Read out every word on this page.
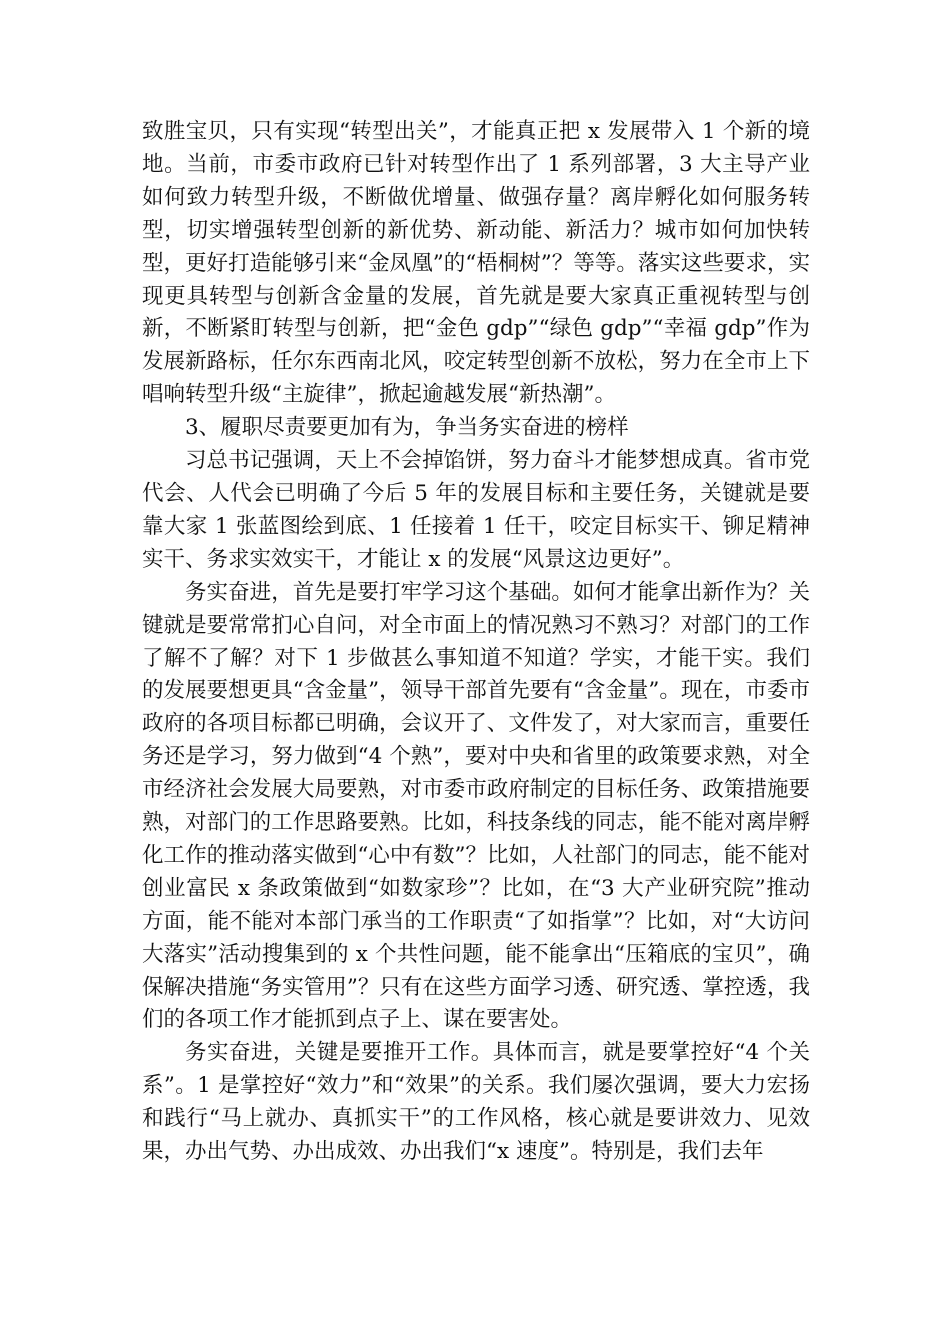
致胜宝贝，只有实现“转型出关”，才能真正把 x 发展带入 1 个新的境地。当前，市委市政府已针对转型作出了 1 系列部署，3 大主导产业如何致力转型升级，不断做优增量、做强存量？离岸孵化如何服务转型，切实增强转型创新的新优势、新动能、新活力？城市如何加快转型，更好打造能够引来“金凤凰”的“梧桐树”？等等。落实这些要求，实现更具转型与创新含金量的发展，首先就是要大家真正重视转型与创新，不断紧盯转型与创新，把“金色 gdp”“绿色 gdp”“幸福 gdp”作为发展新路标，任尔东西南北风，咬定转型创新不放松，努力在全市上下唱响转型升级“主旋律”，掀起逾越发展“新热潮”。

3、履职尽责要更加有为，争当务实奋进的榜样

习总书记强调，天上不会掉馅饼，努力奋斗才能梦想成真。省市党代会、人代会已明确了今后 5 年的发展目标和主要任务，关键就是要靠大家 1 张蓝图绘到底、1 任接着 1 任干，咬定目标实干、铆足精神实干、务求实效实干，才能让 x 的发展“风景这边更好”。

务实奋进，首先是要打牢学习这个基础。如何才能拿出新作为？关键就是要常常扪心自问，对全市面上的情况熟习不熟习？对部门的工作了解不了解？对下 1 步做甚么事知道不知道？学实，才能干实。我们的发展要想更具“含金量”，领导干部首先要有“含金量”。现在，市委市政府的各项目标都已明确，会议开了、文件发了，对大家而言，重要任务还是学习，努力做到“4 个熟”，要对中央和省里的政策要求熟，对全市经济社会发展大局要熟，对市委市政府制定的目标任务、政策措施要熟，对部门的工作思路要熟。比如，科技条线的同志，能不能对离岸孵化工作的推动落实做到“心中有数”？比如，人社部门的同志，能不能对创业富民 x 条政策做到“如数家珍”？比如，在“3 大产业研究院”推动方面，能不能对本部门承当的工作职责“了如指掌”？比如，对“大访问大落实”活动搜集到的 x 个共性问题，能不能拿出“压箱底的宝贝”，确保解决措施“务实管用”？只有在这些方面学习透、研究透、掌控透，我们的各项工作才能抓到点子上、谋在要害处。

务实奋进，关键是要推开工作。具体而言，就是要掌控好“4 个关系”。1 是掌控好“效力”和“效果”的关系。我们屡次强调，要大力宏扬和践行“马上就办、真抓实干”的工作风格，核心就是要讲效力、见效果，办出气势、办出成效、办出我们“x 速度”。特别是，我们去年
